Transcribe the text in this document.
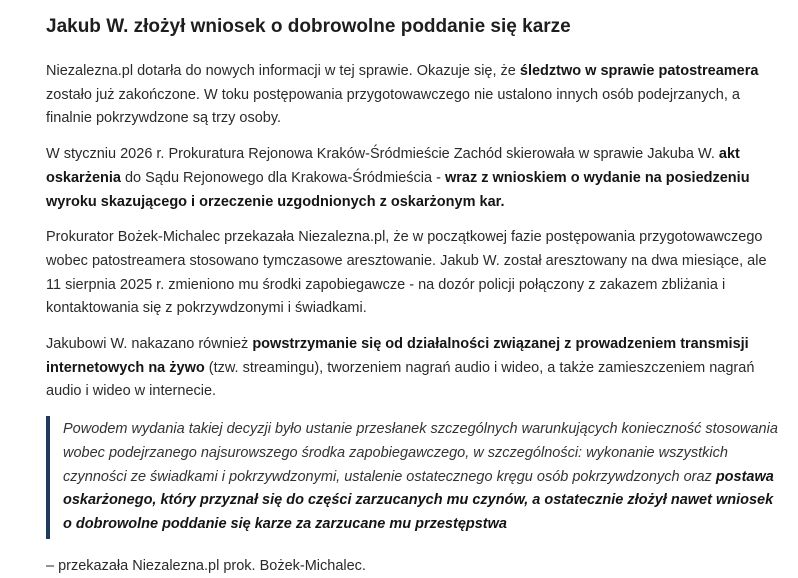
Jakub W. złożył wniosek o dobrowolne poddanie się karze

Niezalezna.pl dotarła do nowych informacji w tej sprawie. Okazuje się, że śledztwo w sprawie patostreamera zostało już zakończone. W toku postępowania przygotowawczego nie ustalono innych osób podejrzanych, a finalnie pokrzywdzone są trzy osoby.

W styczniu 2026 r. Prokuratura Rejonowa Kraków-Śródmieście Zachód skierowała w sprawie Jakuba W. akt oskarżenia do Sądu Rejonowego dla Krakowa-Śródmieścia - wraz z wnioskiem o wydanie na posiedzeniu wyroku skazującego i orzeczenie uzgodnionych z oskarżonym kar.

Prokurator Bożek-Michalec przekazała Niezalezna.pl, że w początkowej fazie postępowania przygotowawczego wobec patostreamera stosowano tymczasowe aresztowanie. Jakub W. został aresztowany na dwa miesiące, ale 11 sierpnia 2025 r. zmieniono mu środki zapobiegawcze - na dozór policji połączony z zakazem zbliżania i kontaktowania się z pokrzywdzonymi i świadkami.

Jakubowi W. nakazano również powstrzymanie się od działalności związanej z prowadzeniem transmisji internetowych na żywo (tzw. streamingu), tworzeniem nagrań audio i wideo, a także zamieszczeniem nagrań audio i wideo w internecie.

Powodem wydania takiej decyzji było ustanie przesłanek szczególnych warunkujących konieczność stosowania wobec podejrzanego najsurowszego środka zapobiegawczego, w szczególności: wykonanie wszystkich czynności ze świadkami i pokrzywdzonymi, ustalenie ostatecznego kręgu osób pokrzywdzonych oraz postawa oskarżonego, który przyznał się do części zarzucanych mu czynów, a ostatecznie złożył nawet wniosek o dobrowolne poddanie się karze za zarzucane mu przestępstwa

– przekazała Niezalezna.pl prok. Bożek-Michalec.
